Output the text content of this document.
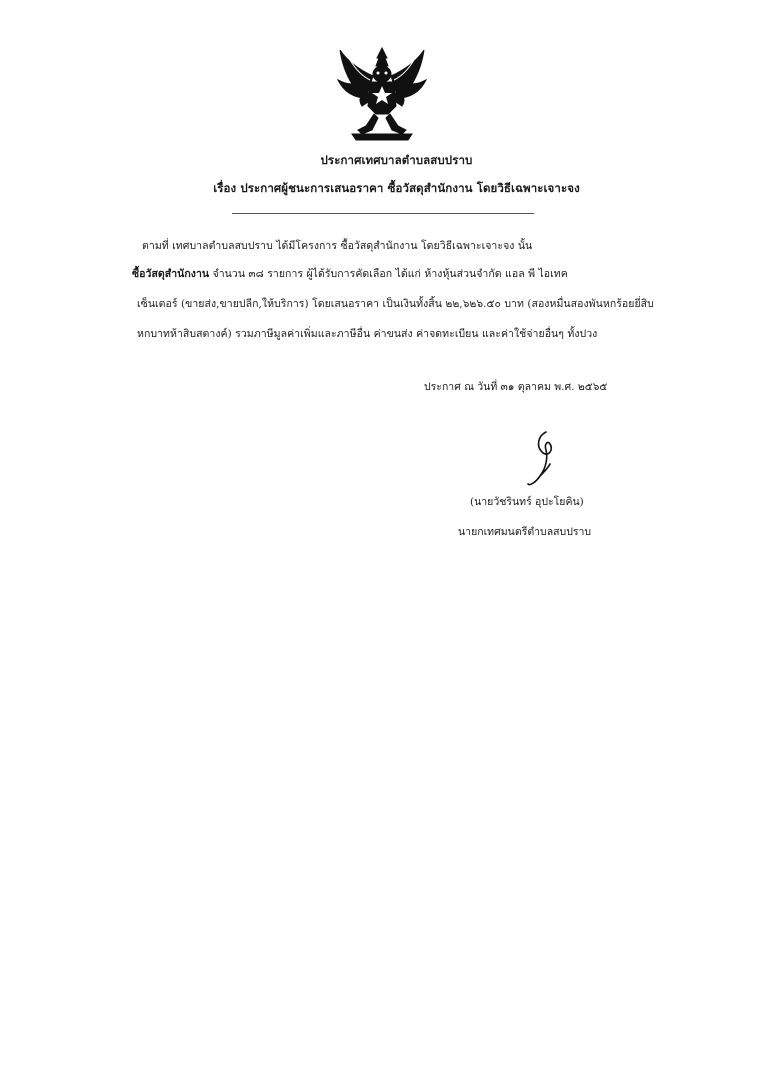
ประกาศเทศบาลตำบลสบปราบ
เรื่อง ประกาศผู้ชนะการเสนอราคา ซื้อวัสดุสำนักงาน โดยวิธีเฉพาะเจาะจง
ตามที่ เทศบาลตำบลสบปราบ ได้มีโครงการ ซื้อวัสดุสำนักงาน โดยวิธีเฉพาะเจาะจง นั้น
ซื้อวัสดุสำนักงาน จำนวน ๓๘ รายการ ผู้ได้รับการคัดเลือก ได้แก่ ห้างหุ้นส่วนจำกัด แอล พี ไอเทค
เซ็นเตอร์ (ขายส่ง,ขายปลีก,ให้บริการ) โดยเสนอราคา เป็นเงินทั้งสิ้น ๒๒,๖๒๖.๕๐ บาท (สองหมื่นสองพันหกร้อยยี่สิบ
หกบาทห้าสิบสตางค์) รวมภาษีมูลค่าเพิ่มและภาษีอื่น ค่าขนส่ง ค่าจดทะเบียน และค่าใช้จ่ายอื่นๆ ทั้งปวง
ประกาศ ณ วันที่ ๓๑ ตุลาคม พ.ศ. ๒๕๖๕
(นายวัชรินทร์ อุปะโยคิน)
นายกเทศมนตรีตำบลสบปราบ
